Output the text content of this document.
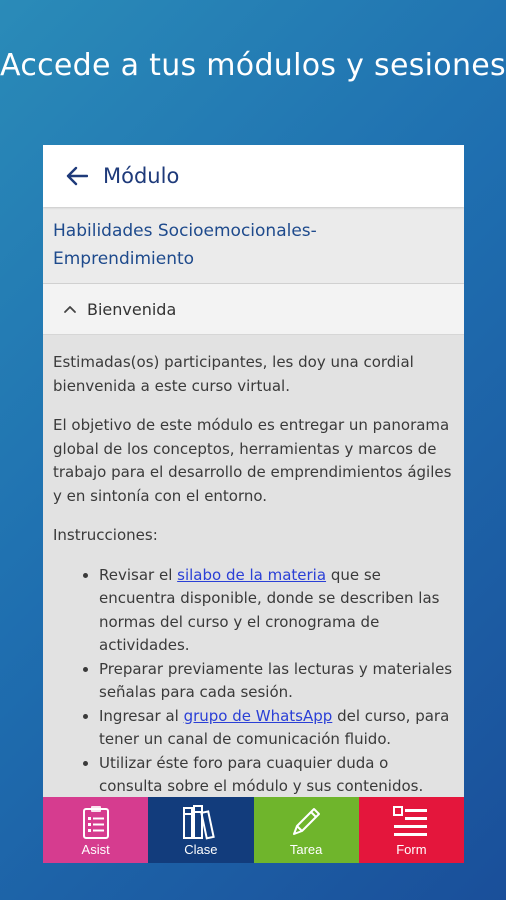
Accede a tus módulos y sesiones
Módulo
Habilidades Socioemocionales-
Emprendimiento
Bienvenida

Estimadas(os) participantes, les doy una cordial bienvenida a este curso virtual.

El objetivo de este módulo es entregar un panorama global de los conceptos, herramientas y marcos de trabajo para el desarrollo de emprendimientos ágiles y en sintonía con el entorno.

Instrucciones:

• Revisar el silabo de la materia que se encuentra disponible, donde se describen las normas del curso y el cronograma de actividades.
• Preparar previamente las lecturas y materiales señalas para cada sesión.
• Ingresar al grupo de WhatsApp del curso, para tener un canal de comunicación fluido.
• Utilizar éste foro para cuaquier duda o consulta sobre el módulo y sus contenidos.
Asist	Clase	Tarea	Form
